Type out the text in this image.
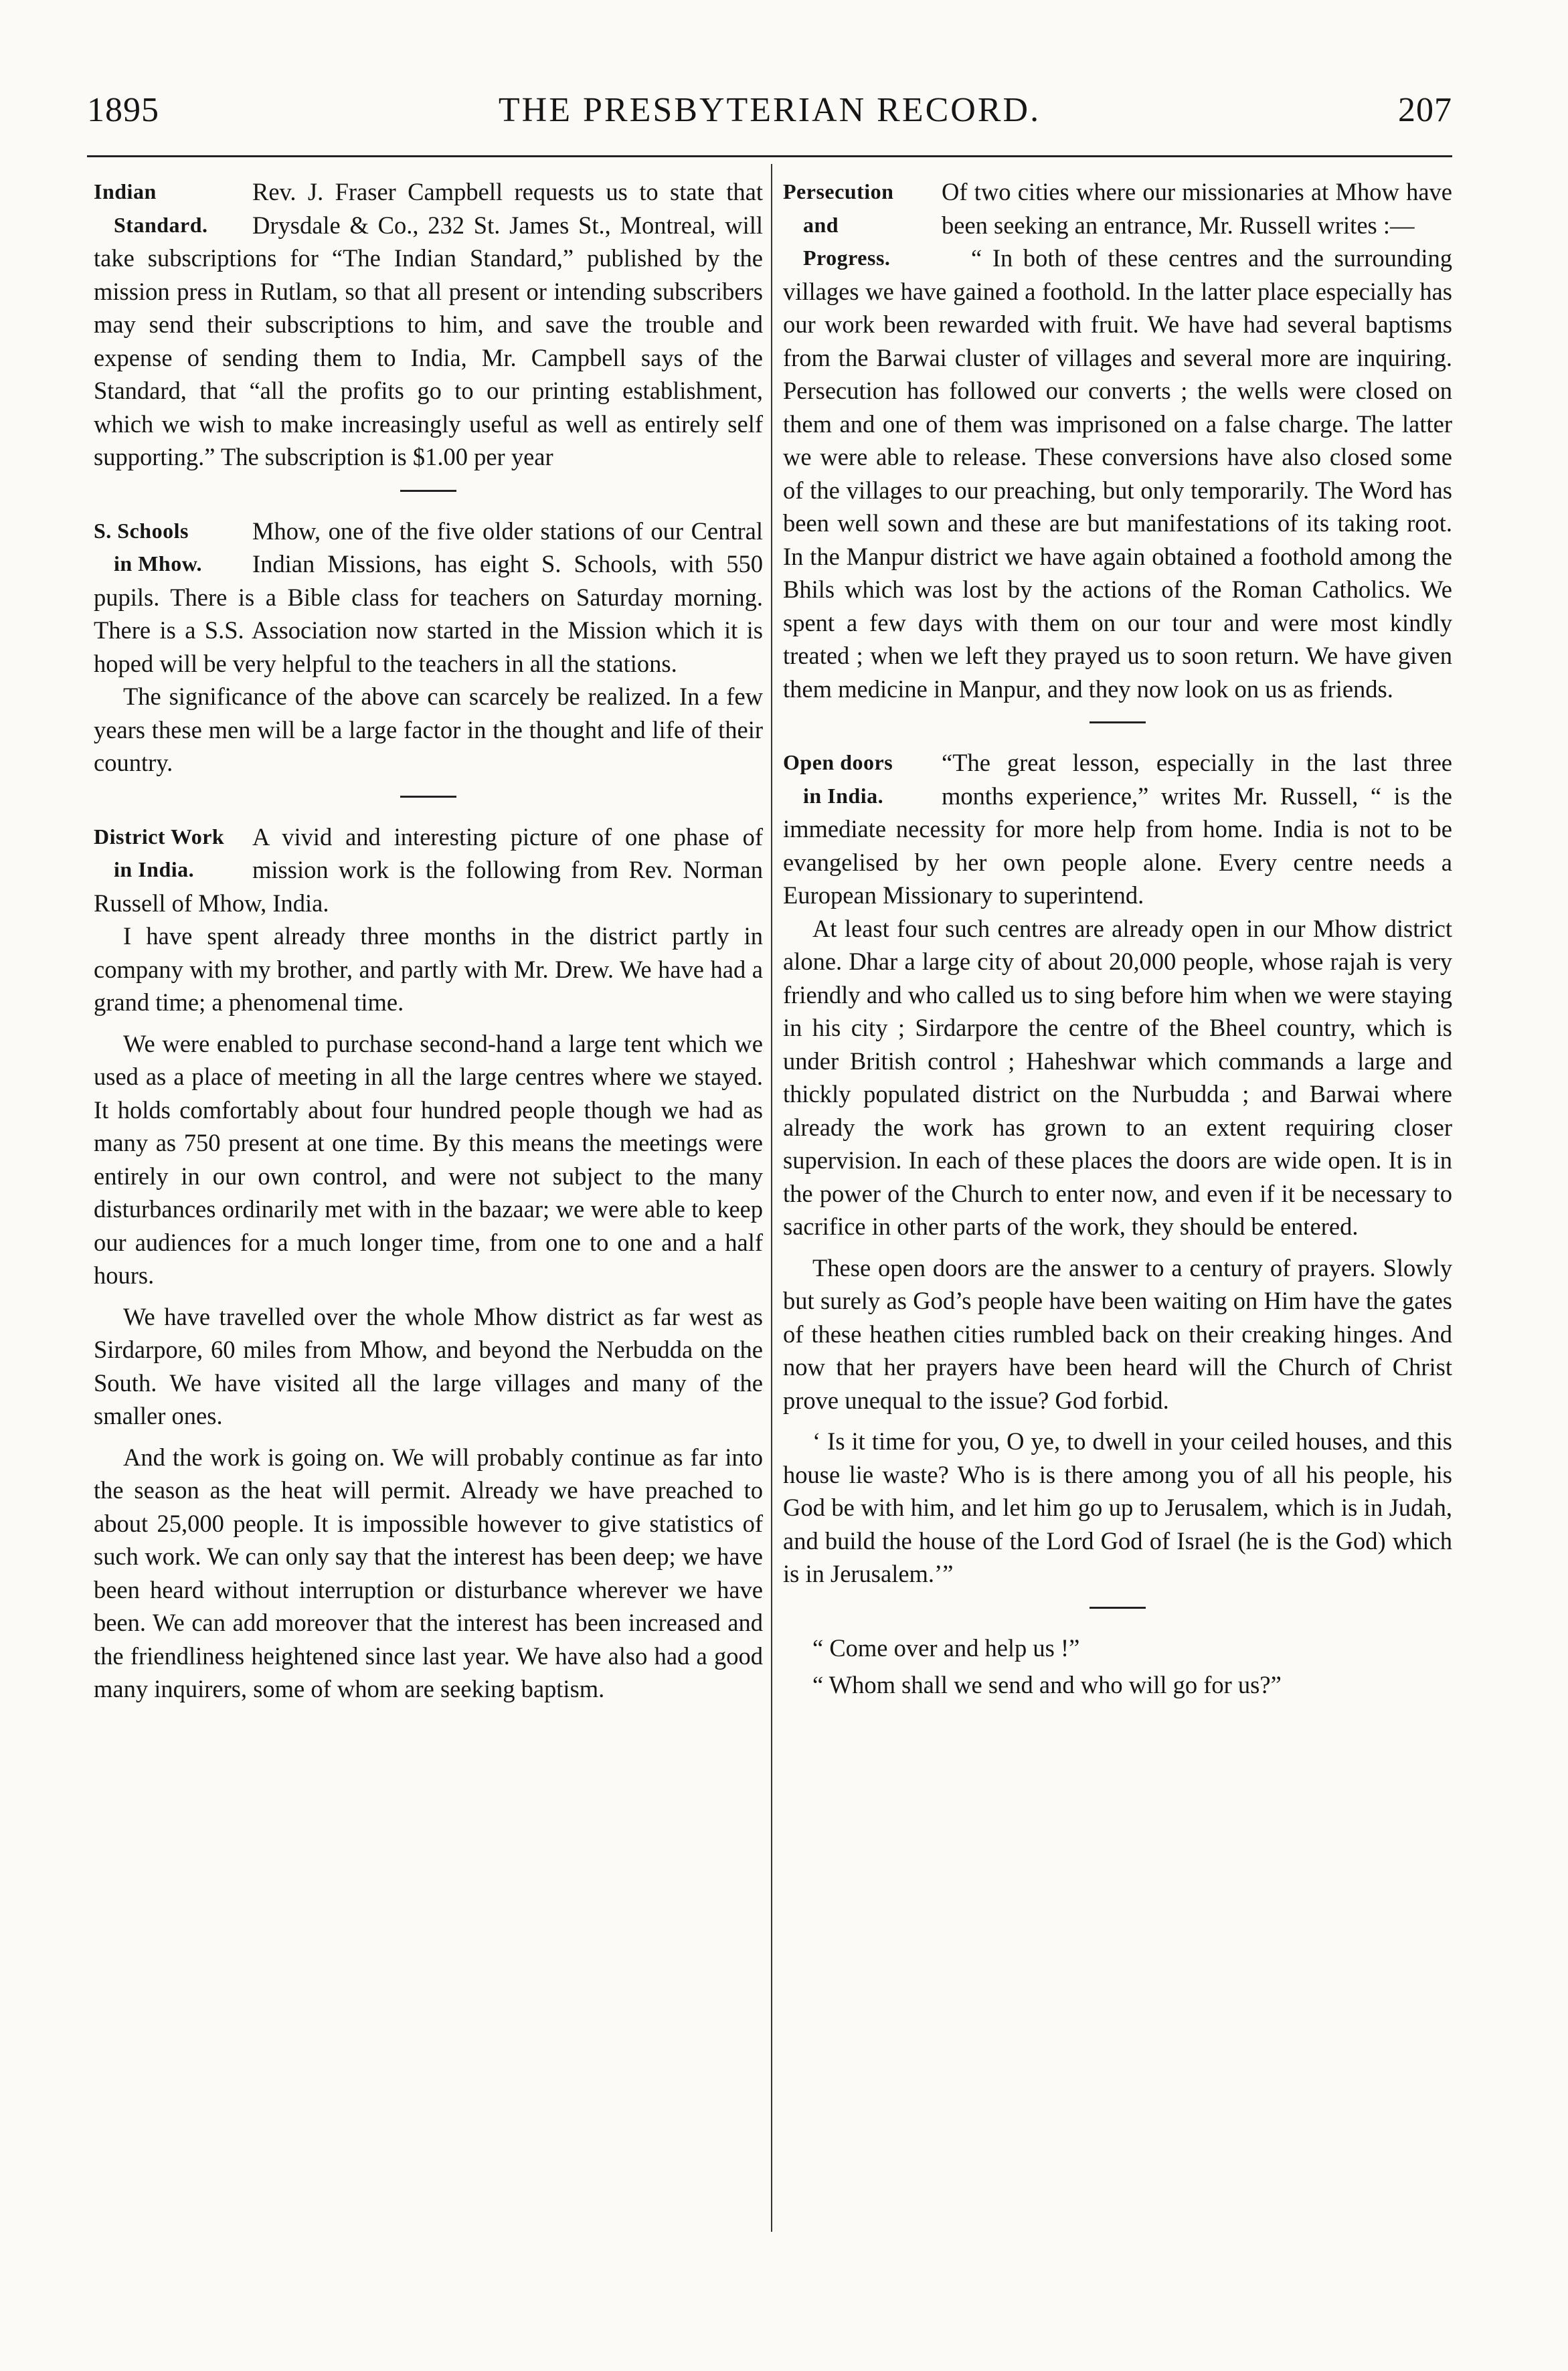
1895	THE PRESBYTERIAN RECORD.	207
Indian
Standard.
Rev. J. Fraser Campbell requests us to state that Drysdale & Co., 232 St. James St., Montreal, will take subscriptions for “The Indian Standard,” published by the mission press in Rutlam, so that all present or intending subscribers may send their subscriptions to him, and save the trouble and expense of sending them to India, Mr. Campbell says of the Standard, that “all the profits go to our printing establishment, which we wish to make increasingly useful as well as entirely self supporting.” The subscription is $1.00 per year
S. Schools
in Mhow.
Mhow, one of the five older stations of our Central Indian Missions, has eight S. Schools, with 550 pupils. There is a Bible class for teachers on Saturday morning. There is a S.S. Association now started in the Mission which it is hoped will be very helpful to the teachers in all the stations.

The significance of the above can scarcely be realized. In a few years these men will be a large factor in the thought and life of their country.

District Work
in India.
A vivid and interesting picture of one phase of mission work is the following from Rev. Norman Russell of Mhow, India.

I have spent already three months in the district partly in company with my brother, and partly with Mr. Drew. We have had a grand time; a phenomenal time.

We were enabled to purchase second-hand a large tent which we used as a place of meeting in all the large centres where we stayed. It holds comfortably about four hundred people though we had as many as 750 present at one time. By this means the meetings were entirely in our own control, and were not subject to the many disturbances ordinarily met with in the bazaar; we were able to keep our audiences for a much longer time, from one to one and a half hours.

We have travelled over the whole Mhow district as far west as Sirdarpore, 60 miles from Mhow, and beyond the Nerbudda on the South. We have visited all the large villages and many of the smaller ones.

And the work is going on. We will probably continue as far into the season as the heat will permit. Already we have preached to about 25,000 people. It is impossible however to give statistics of such work. We can only say that the interest has been deep; we have been heard without interruption or disturbance wherever we have been. We can add moreover that the interest has been increased and the friendliness heightened since last year. We have also had a good many inquirers, some of whom are seeking baptism.

Persecution
and Progress.
Of two cities where our missionaries at Mhow have been seeking an entrance, Mr. Russell writes :—

“ In both of these centres and the surrounding villages we have gained a foothold. In the latter place especially has our work been rewarded with fruit. We have had several baptisms from the Barwai cluster of villages and several more are inquiring. Persecution has followed our converts ; the wells were closed on them and one of them was imprisoned on a false charge. The latter we were able to release. These conversions have also closed some of the villages to our preaching, but only temporarily. The Word has been well sown and these are but manifestations of its taking root. In the Manpur district we have again obtained a foothold among the Bhils which was lost by the actions of the Roman Catholics. We spent a few days with them on our tour and were most kindly treated ; when we left they prayed us to soon return. We have given them medicine in Manpur, and they now look on us as friends.

Open doors
in India.
“The great lesson, especially in the last three months experience,” writes Mr. Russell, “ is the immediate necessity for more help from home. India is not to be evangelised by her own people alone. Every centre needs a European Missionary to superintend.

At least four such centres are already open in our Mhow district alone. Dhar a large city of about 20,000 people, whose rajah is very friendly and who called us to sing before him when we were staying in his city ; Sirdarpore the centre of the Bheel country, which is under British control ; Haheshwar which commands a large and thickly populated district on the Nurbudda ; and Barwai where already the work has grown to an extent requiring closer supervision. In each of these places the doors are wide open. It is in the power of the Church to enter now, and even if it be necessary to sacrifice in other parts of the work, they should be entered.

These open doors are the answer to a century of prayers. Slowly but surely as God’s people have been waiting on Him have the gates of these heathen cities rumbled back on their creaking hinges. And now that her prayers have been heard will the Church of Christ prove unequal to the issue? God forbid.

‘ Is it time for you, O ye, to dwell in your ceiled houses, and this house lie waste? Who is is there among you of all his people, his God be with him, and let him go up to Jerusalem, which is in Judah, and build the house of the Lord God of Israel (he is the God) which is in Jerusalem.’”

“ Come over and help us !”

“ Whom shall we send and who will go for us?”
